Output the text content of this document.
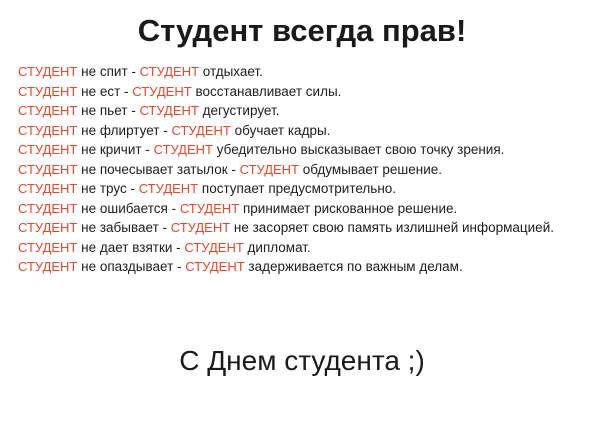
Студент всегда прав!
СТУДЕНТ не спит - СТУДЕНТ отдыхает.
СТУДЕНТ не ест - СТУДЕНТ восстанавливает силы.
СТУДЕНТ не пьет - СТУДЕНТ дегустирует.
СТУДЕНТ не флиртует - СТУДЕНТ обучает кадры.
СТУДЕНТ не кричит - СТУДЕНТ убедительно высказывает свою точку зрения.
СТУДЕНТ не почесывает затылок - СТУДЕНТ обдумывает решение.
СТУДЕНТ не трус - СТУДЕНТ поступает предусмотрительно.
СТУДЕНТ не ошибается - СТУДЕНТ принимает рискованное решение.
СТУДЕНТ не забывает - СТУДЕНТ не засоряет свою память излишней информацией.
СТУДЕНТ не дает взятки - СТУДЕНТ дипломат.
СТУДЕНТ не опаздывает - СТУДЕНТ задерживается по важным делам.
С Днем студента ;)
